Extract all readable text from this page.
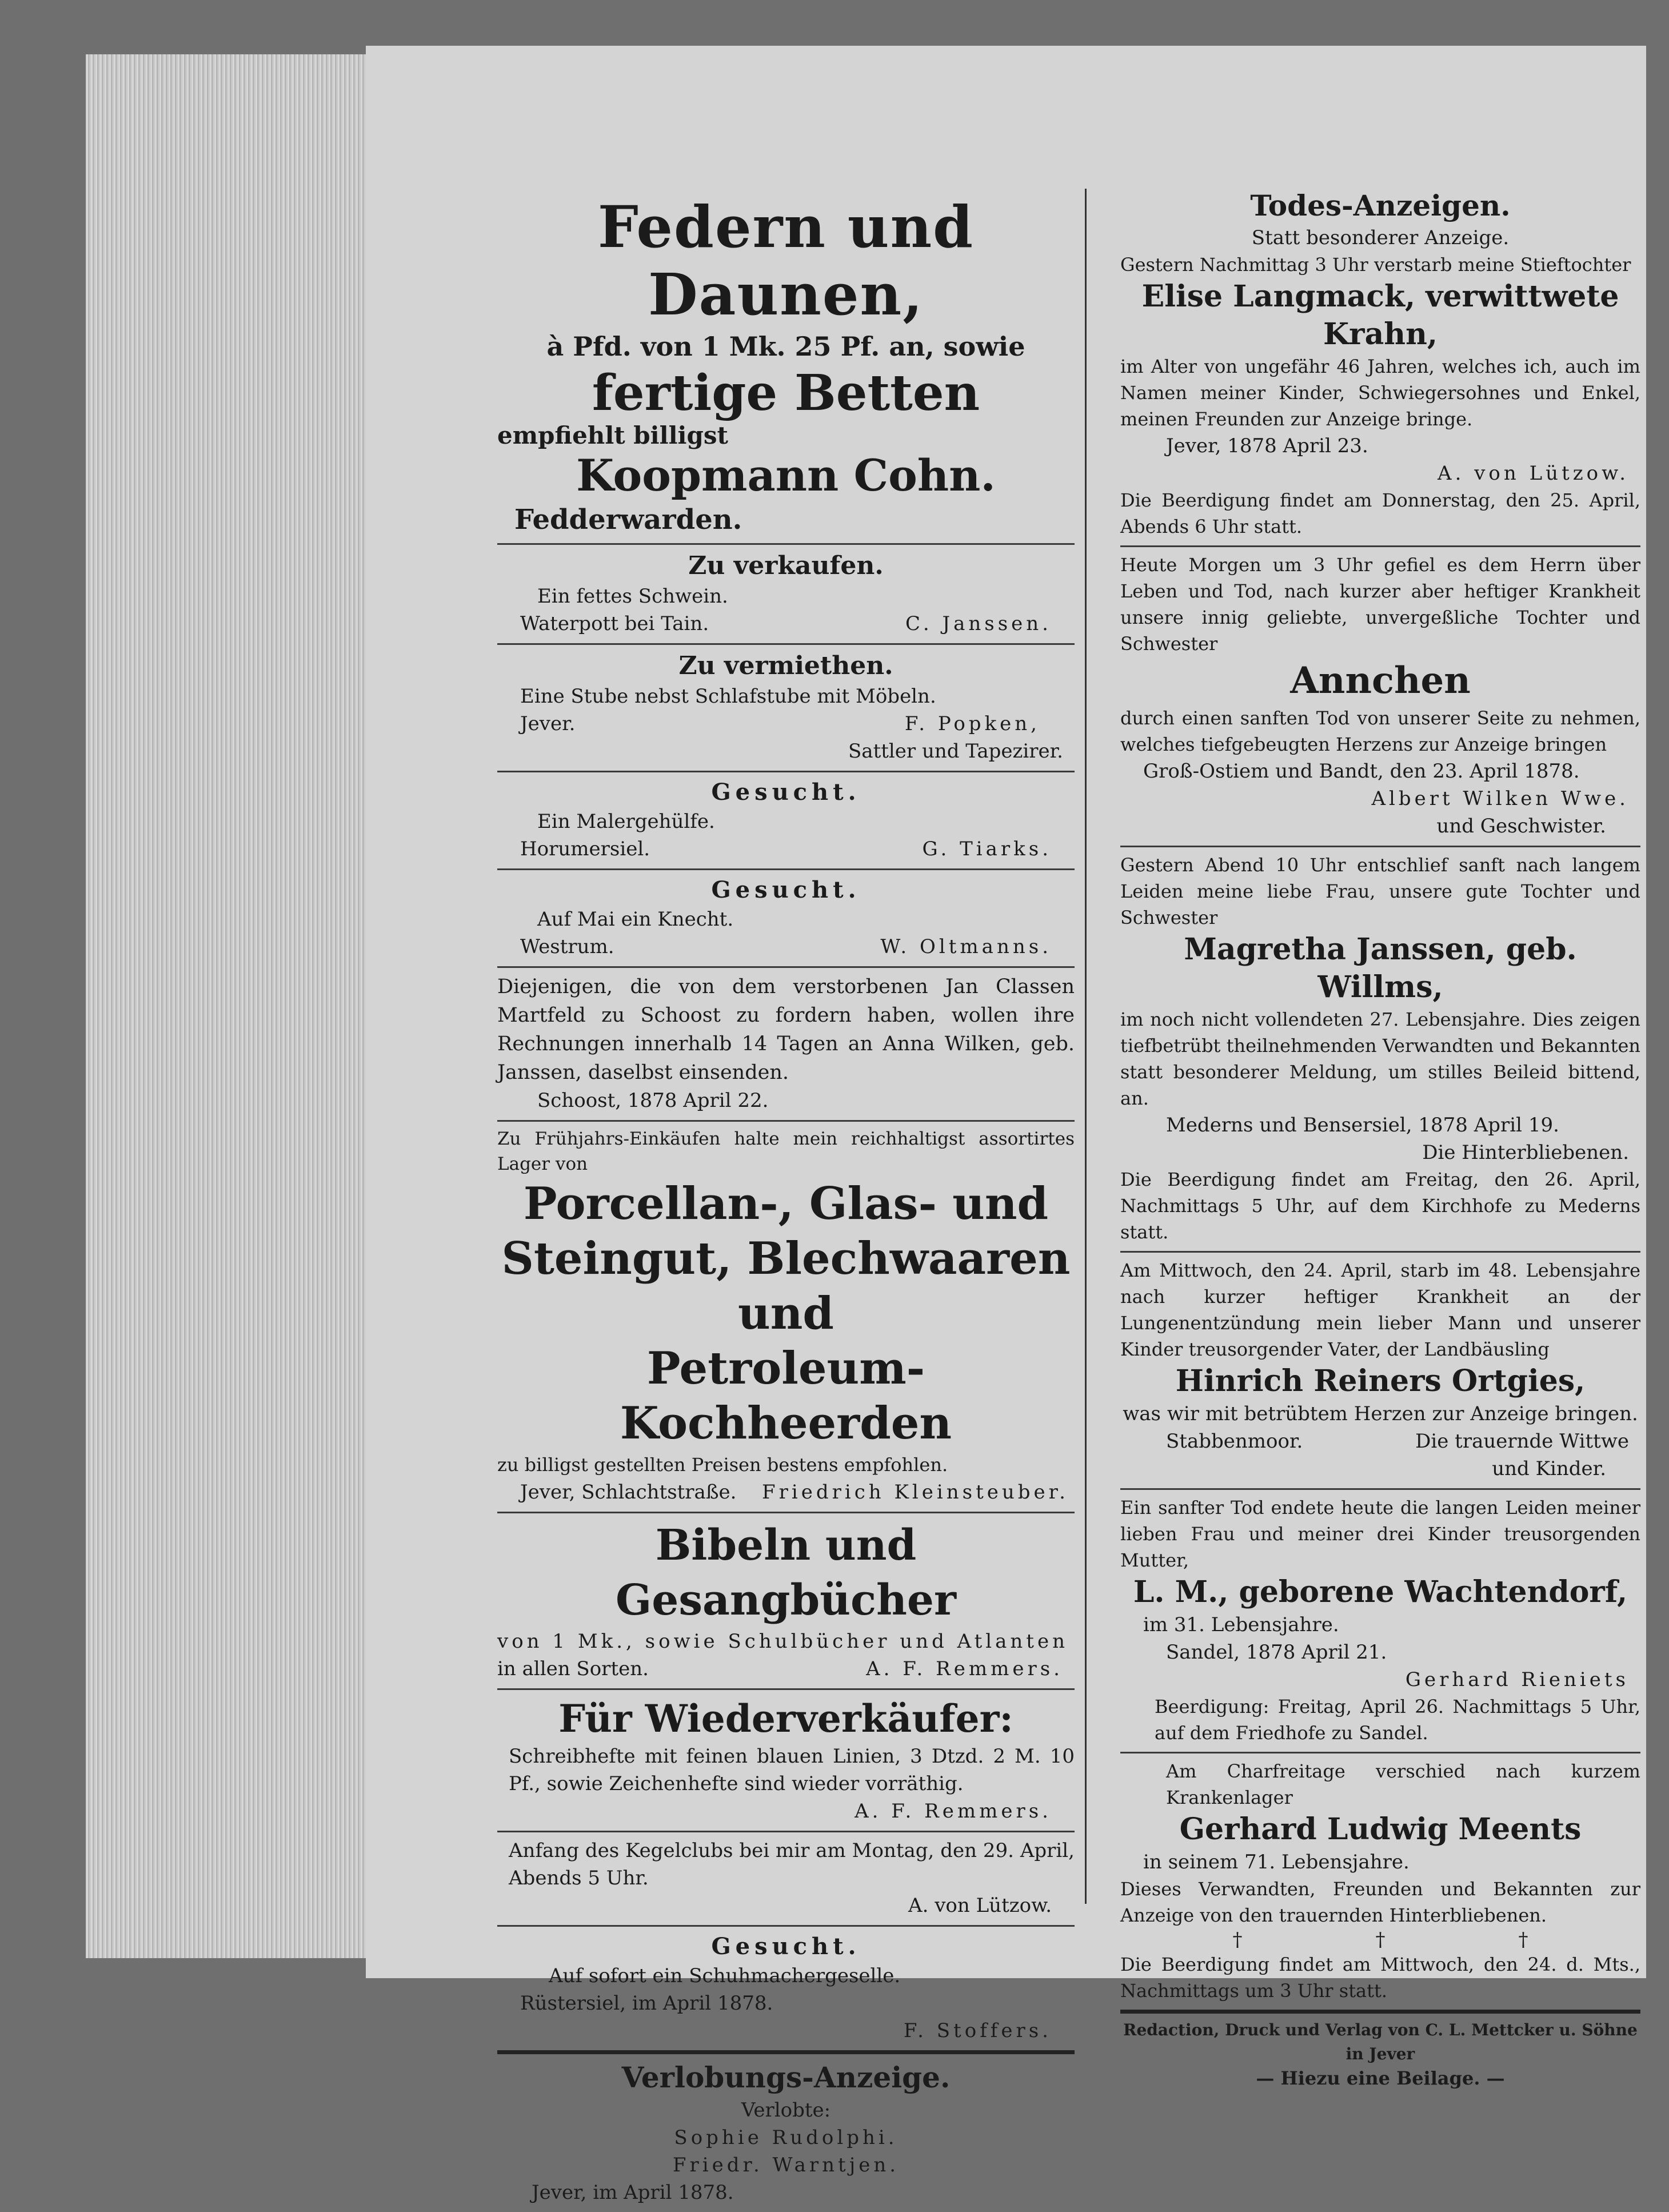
Federn und Daunen,
à Pfd. von 1 Mk. 25 Pf. an, sowie
fertige Betten
empfiehlt billigst
Koopmann Cohn.
Fedderwarden.
Zu verkaufen.
Ein fettes Schwein.
Waterpott bei Tain.	C. Janssen.
Zu vermiethen.
Eine Stube nebst Schlafstube mit Möbeln.
Jever.	F. Popken,
Sattler und Tapezirer.
Gesucht.
Ein Malergehülfe.
Horumersiel.	G. Tiarks.
Gesucht.
Auf Mai ein Knecht.
Westrum.	W. Oltmanns.
Diejenigen, die von dem verstorbenen Jan Classen Martfeld zu Schoost zu fordern haben, wollen ihre Rechnungen innerhalb 14 Tagen an Anna Wilken, geb. Janssen, daselbst einsenden.
Schoost, 1878 April 22.
Zu Frühjahrs-Einkäufen halte mein reichhaltigst assortirtes Lager von
Porcellan-, Glas- und
Steingut, Blechwaaren und
Petroleum-Kochheerden
zu billigst gestellten Preisen bestens empfohlen.
Jever, Schlachtstraße. Friedrich Kleinsteuber.
Bibeln und Gesangbücher
von 1 Mk., sowie Schulbücher und Atlanten
in allen Sorten.	A. F. Remmers.
Für Wiederverkäufer:
Schreibhefte mit feinen blauen Linien, 3 Dtzd. 2 M. 10 Pf., sowie Zeichenhefte sind wieder vorräthig.
A. F. Remmers.
Anfang des Kegelclubs bei mir am Montag, den 29. April, Abends 5 Uhr.
A. von Lützow.
Gesucht.
Auf sofort ein Schuhmachergeselle.
Rüstersiel, im April 1878.
F. Stoffers.
Verlobungs-Anzeige.
Verlobte:
Sophie Rudolphi.
Friedr. Warntjen.
Jever, im April 1878.
Todes-Anzeigen.
Statt besonderer Anzeige.
Gestern Nachmittag 3 Uhr verstarb meine Stieftochter
Elise Langmack, verwittwete Krahn,
im Alter von ungefähr 46 Jahren, welches ich, auch im Namen meiner Kinder, Schwiegersohnes und Enkel, meinen Freunden zur Anzeige bringe.
Jever, 1878 April 23.
A. von Lützow.
Die Beerdigung findet am Donnerstag, den 25. April, Abends 6 Uhr statt.
Heute Morgen um 3 Uhr gefiel es dem Herrn über Leben und Tod, nach kurzer aber heftiger Krankheit unsere innig geliebte, unvergeßliche Tochter und Schwester
Annchen
durch einen sanften Tod von unserer Seite zu nehmen, welches tiefgebeugten Herzens zur Anzeige bringen
Groß-Ostiem und Bandt, den 23. April 1878.
Albert Wilken Wwe.
und Geschwister.
Gestern Abend 10 Uhr entschlief sanft nach langem Leiden meine liebe Frau, unsere gute Tochter und Schwester
Magretha Janssen, geb. Willms,
im noch nicht vollendeten 27. Lebensjahre. Dies zeigen tiefbetrübt theilnehmenden Verwandten und Bekannten statt besonderer Meldung, um stilles Beileid bittend, an.
Mederns und Bensersiel, 1878 April 19.
Die Hinterbliebenen.
Die Beerdigung findet am Freitag, den 26. April, Nachmittags 5 Uhr, auf dem Kirchhofe zu Mederns statt.
Am Mittwoch, den 24. April, starb im 48. Lebensjahre nach kurzer heftiger Krankheit an der Lungenentzündung mein lieber Mann und unserer Kinder treusorgender Vater, der Landbäusling
Hinrich Reiners Ortgies,
was wir mit betrübtem Herzen zur Anzeige bringen.
Stabbenmoor.	Die trauernde Wittwe
und Kinder.
Ein sanfter Tod endete heute die langen Leiden meiner lieben Frau und meiner drei Kinder treusorgenden Mutter,
L. M., geborene Wachtendorf,
im 31. Lebensjahre.
Sandel, 1878 April 21.
Gerhard Rieniets
Beerdigung: Freitag, April 26. Nachmittags 5 Uhr, auf dem Friedhofe zu Sandel.
Am Charfreitage verschied nach kurzem Krankenlager
Gerhard Ludwig Meents
in seinem 71. Lebensjahre.
Dieses Verwandten, Freunden und Bekannten zur Anzeige von den trauernden Hinterbliebenen.
†	†	†
Die Beerdigung findet am Mittwoch, den 24. d. Mts., Nachmittags um 3 Uhr statt.
Redaction, Druck und Verlag von C. L. Mettcker u. Söhne in Jever
— Hiezu eine Beilage. —
